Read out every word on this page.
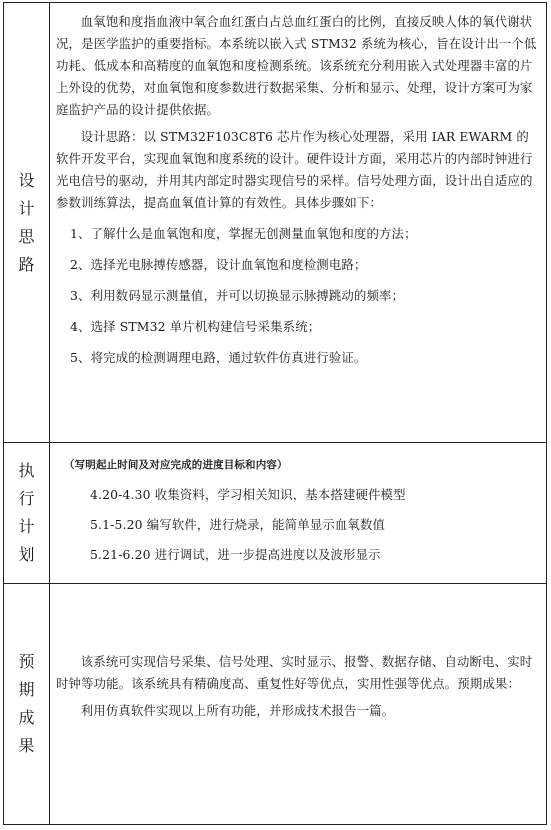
设
计
思
路

血氧饱和度指血液中氧合血红蛋白占总血红蛋白的比例，直接反映人体的氧代谢状况，是医学监护的重要指标。本系统以嵌入式 STM32 系统为核心，旨在设计出一个低功耗、低成本和高精度的血氧饱和度检测系统。该系统充分利用嵌入式处理器丰富的片上外设的优势，对血氧饱和度参数进行数据采集、分析和显示、处理，设计方案可为家庭监护产品的设计提供依据。

设计思路：以 STM32F103C8T6 芯片作为核心处理器，采用 IAR EWARM 的软件开发平台，实现血氧饱和度系统的设计。硬件设计方面，采用芯片的内部时钟进行光电信号的驱动，并用其内部定时器实现信号的采样。信号处理方面，设计出自适应的参数训练算法，提高血氧值计算的有效性。具体步骤如下：

1、了解什么是血氧饱和度，掌握无创测量血氧饱和度的方法；

2、选择光电脉搏传感器，设计血氧饱和度检测电路；

3、利用数码显示测量值，并可以切换显示脉搏跳动的频率；

4、选择 STM32 单片机构建信号采集系统；

5、将完成的检测调理电路，通过软件仿真进行验证。

执
行
计
划

（写明起止时间及对应完成的进度目标和内容）

4.20-4.30 收集资料，学习相关知识，基本搭建硬件模型

5.1-5.20 编写软件，进行烧录，能简单显示血氧数值

5.21-6.20 进行调试，进一步提高进度以及波形显示

预
期
成
果

该系统可实现信号采集、信号处理、实时显示、报警、数据存储、自动断电、实时时钟等功能。该系统具有精确度高、重复性好等优点，实用性强等优点。预期成果：

利用仿真软件实现以上所有功能，并形成技术报告一篇。
